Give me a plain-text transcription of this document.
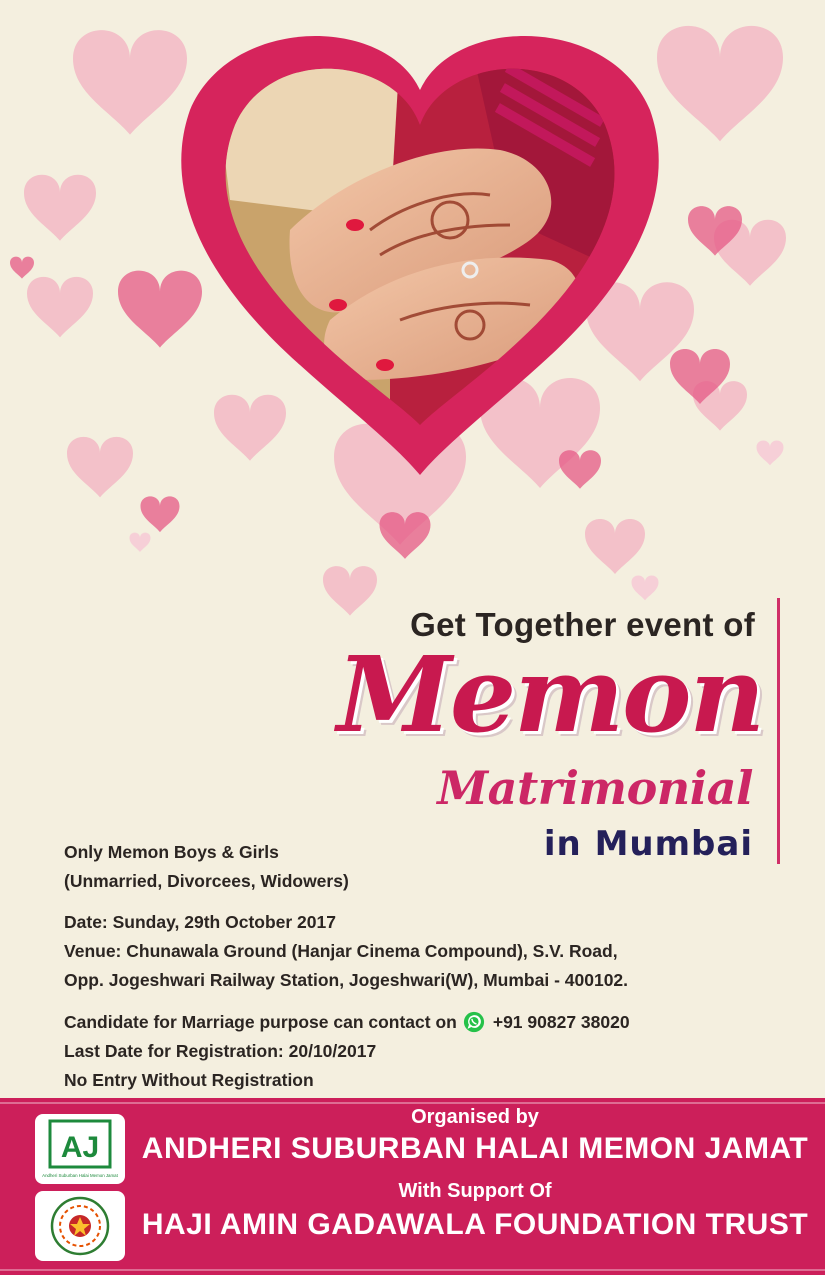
Get Together event of
Memon
Matrimonial
in Mumbai
Only Memon Boys & Girls
(Unmarried, Divorcees, Widowers)
Date: Sunday, 29th October 2017
Venue: Chunawala Ground (Hanjar Cinema Compound), S.V. Road,
Opp. Jogeshwari Railway Station, Jogeshwari(W), Mumbai - 400102.
Candidate for Marriage purpose can contact on +91 90827 38020
Last Date for Registration: 20/10/2017
No Entry Without Registration
AJ
Andheri Suburban Halai Memon Jamat
Organised by
ANDHERI SUBURBAN HALAI MEMON JAMAT
With Support Of
HAJI AMIN GADAWALA FOUNDATION TRUST
